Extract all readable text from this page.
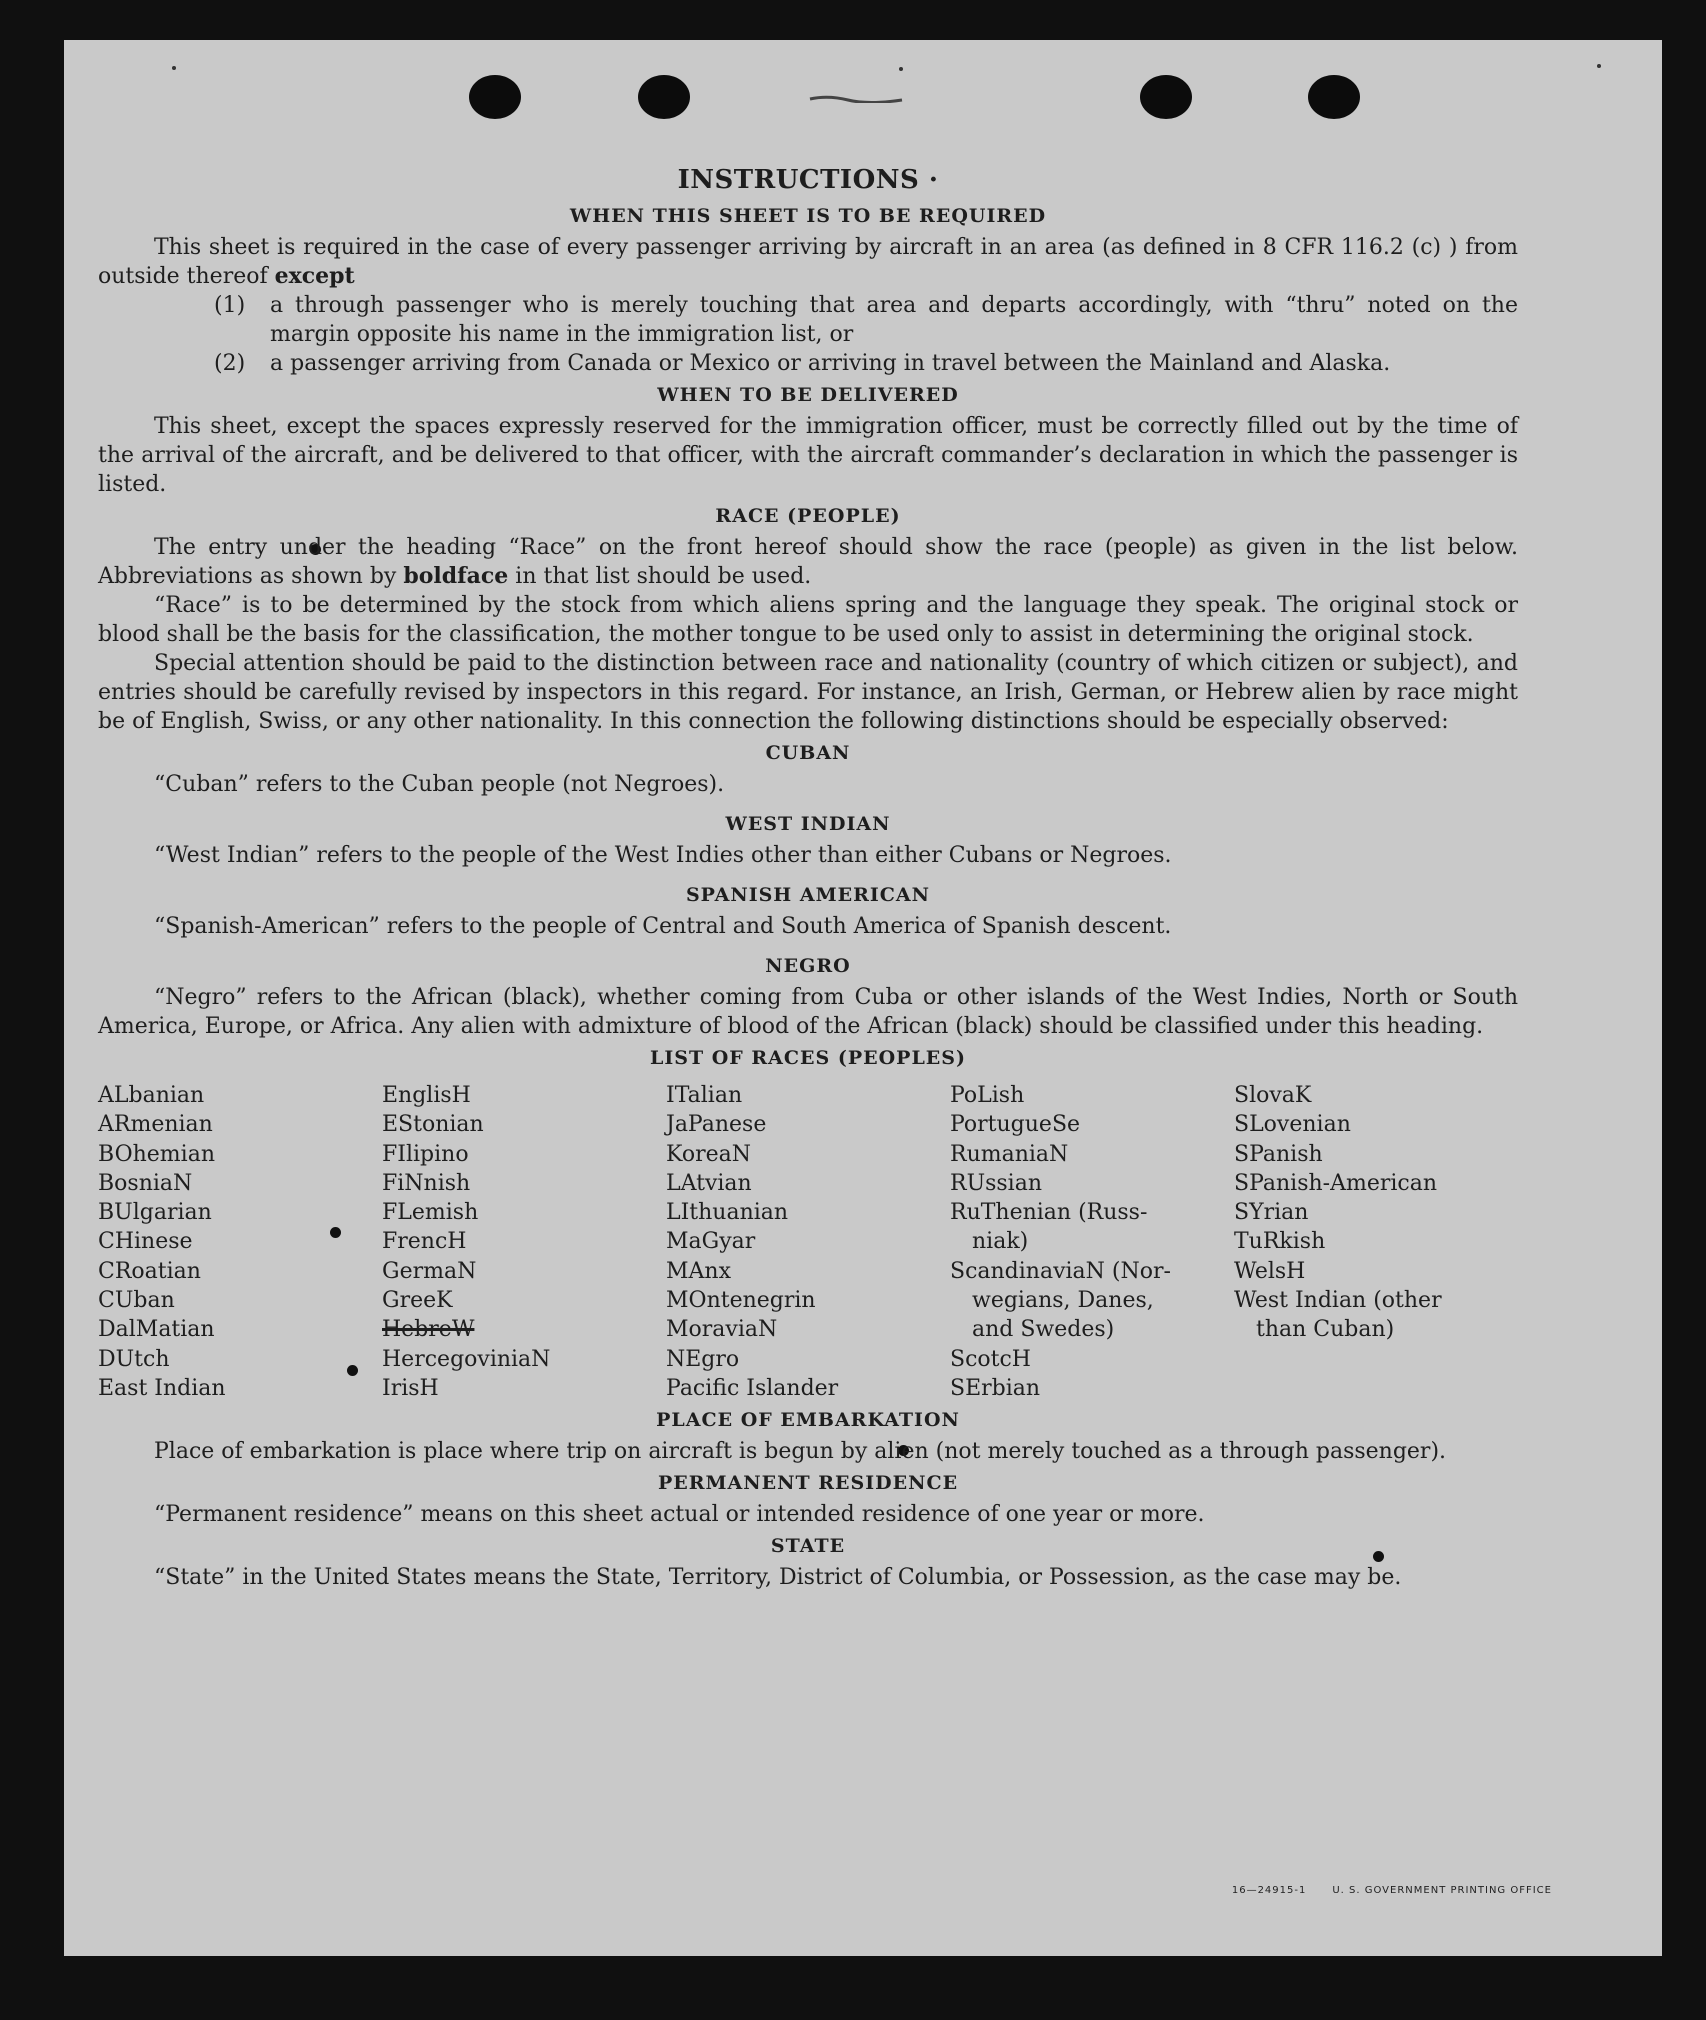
INSTRUCTIONS ·
WHEN THIS SHEET IS TO BE REQUIRED

This sheet is required in the case of every passenger arriving by aircraft in an area (as defined in 8 CFR 116.2 (c) ) from outside thereof except

(1)	a through passenger who is merely touching that area and departs accordingly, with “thru” noted on the margin opposite his name in the immigration list, or
(2)	a passenger arriving from Canada or Mexico or arriving in travel between the Mainland and Alaska.
WHEN TO BE DELIVERED

This sheet, except the spaces expressly reserved for the immigration officer, must be correctly filled out by the time of the arrival of the aircraft, and be delivered to that officer, with the aircraft commander’s declaration in which the passenger is listed.

RACE (PEOPLE)

The entry under the heading “Race” on the front hereof should show the race (people) as given in the list below. Abbreviations as shown by boldface in that list should be used.

“Race” is to be determined by the stock from which aliens spring and the language they speak. The original stock or blood shall be the basis for the classification, the mother tongue to be used only to assist in determining the original stock.

Special attention should be paid to the distinction between race and nationality (country of which citizen or subject), and entries should be carefully revised by inspectors in this regard. For instance, an Irish, German, or Hebrew alien by race might be of English, Swiss, or any other nationality. In this connection the following distinctions should be especially observed:

CUBAN

“Cuban” refers to the Cuban people (not Negroes).

WEST INDIAN

“West Indian” refers to the people of the West Indies other than either Cubans or Negroes.

SPANISH AMERICAN

“Spanish-American” refers to the people of Central and South America of Spanish descent.

NEGRO

“Negro” refers to the African (black), whether coming from Cuba or other islands of the West Indies, North or South America, Europe, or Africa. Any alien with admixture of blood of the African (black) should be classified under this heading.

LIST OF RACES (PEOPLES)
ALbanian
ARmenian
BOhemian
BosniaN
BUlgarian
CHinese
CRoatian
CUban
DalMatian
DUtch
East Indian
EnglisH
EStonian
FIlipino
FiNnish
FLemish
FrencH
GermaN
GreeK
HebreW
HercegoviniaN
IrisH
ITalian
JaPanese
KoreaN
LAtvian
LIthuanian
MaGyar
MAnx
MOntenegrin
MoraviaN
NEgro
Pacific Islander
PoLish
PortugueSe
RumaniaN
RUssian
RuThenian (Russ-
niak)
ScandinaviaN (Nor-
wegians, Danes,
and Swedes)
ScotcH
SErbian
SlovaK
SLovenian
SPanish
SPanish-American
SYrian
TuRkish
WelsH
West Indian (other
than Cuban)
PLACE OF EMBARKATION

Place of embarkation is place where trip on aircraft is begun by alien (not merely touched as a through passenger).

PERMANENT RESIDENCE

“Permanent residence” means on this sheet actual or intended residence of one year or more.

STATE

“State” in the United States means the State, Territory, District of Columbia, or Possession, as the case may be.

16—24915-1	U. S. GOVERNMENT PRINTING OFFICE
